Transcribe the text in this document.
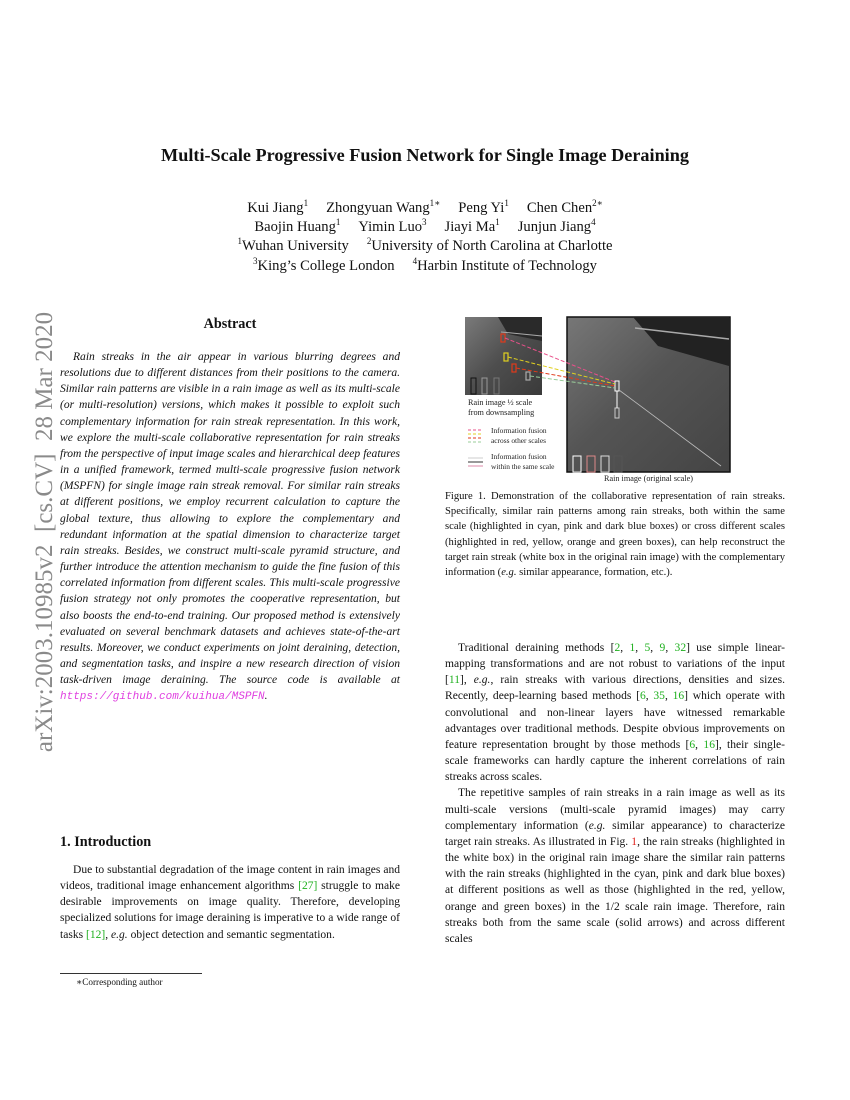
arXiv:2003.10985v2  [cs.CV]  28 Mar 2020
Multi-Scale Progressive Fusion Network for Single Image Deraining
Kui Jiang$^1$ Zhongyuan Wang$^{1∗}$ Peng Yi$^1$ Chen Chen$^{2∗}$
Baojin Huang$^1$ Yimin Luo$^3$ Jiayi Ma$^1$ Junjun Jiang$^4$
$^1$Wuhan University $^2$University of North Carolina at Charlotte
$^3$King’s College London $^4$Harbin Institute of Technology
Abstract

Rain streaks in the air appear in various blurring degrees and resolutions due to different distances from their positions to the camera. Similar rain patterns are visible in a rain image as well as its multi-scale (or multi-resolution) versions, which makes it possible to exploit such complementary information for rain streak representation. In this work, we explore the multi-scale collaborative representation for rain streaks from the perspective of input image scales and hierarchical deep features in a unified framework, termed multi-scale progressive fusion network (MSPFN) for single image rain streak removal. For similar rain streaks at different positions, we employ recurrent calculation to capture the global texture, thus allowing to explore the complementary and redundant information at the spatial dimension to characterize target rain streaks. Besides, we construct multi-scale pyramid structure, and further introduce the attention mechanism to guide the fine fusion of this correlated information from different scales. This multi-scale progressive fusion strategy not only promotes the cooperative representation, but also boosts the end-to-end training. Our proposed method is extensively evaluated on several benchmark datasets and achieves state-of-the-art results. Moreover, we conduct experiments on joint deraining, detection, and segmentation tasks, and inspire a new research direction of vision task-driven image deraining. The source code is available at https://github.com/kuihua/MSPFN.

1. Introduction

Due to substantial degradation of the image content in rain images and videos, traditional image enhancement algorithms [27] struggle to make desirable improvements on image quality. Therefore, developing specialized solutions for image deraining is imperative to a wide range of tasks [12], e.g. object detection and semantic segmentation.

∗Corresponding author
Rain image ½ scale from downsampling
Information fusion across other scales
Information fusion within the same scale
Rain image (original scale)
Figure 1. Demonstration of the collaborative representation of rain streaks. Specifically, similar rain patterns among rain streaks, both within the same scale (highlighted in cyan, pink and dark blue boxes) or cross different scales (highlighted in red, yellow, orange and green boxes), can help reconstruct the target rain streak (white box in the original rain image) with the complementary information (e.g. similar appearance, formation, etc.).

Traditional deraining methods [2, 1, 5, 9, 32] use simple linear-mapping transformations and are not robust to variations of the input [11], e.g., rain streaks with various directions, densities and sizes. Recently, deep-learning based methods [6, 35, 16] which operate with convolutional and non-linear layers have witnessed remarkable advantages over traditional methods. Despite obvious improvements on feature representation brought by those methods [6, 16], their single-scale frameworks can hardly capture the inherent correlations of rain streaks across scales.

The repetitive samples of rain streaks in a rain image as well as its multi-scale versions (multi-scale pyramid images) may carry complementary information (e.g. similar appearance) to characterize target rain streaks. As illustrated in Fig. 1, the rain streaks (highlighted in the white box) in the original rain image share the similar rain patterns with the rain streaks (highlighted in the cyan, pink and dark blue boxes) at different positions as well as those (highlighted in the red, yellow, orange and green boxes) in the 1/2 scale rain image. Therefore, rain streaks both from the same scale (solid arrows) and across different scales
